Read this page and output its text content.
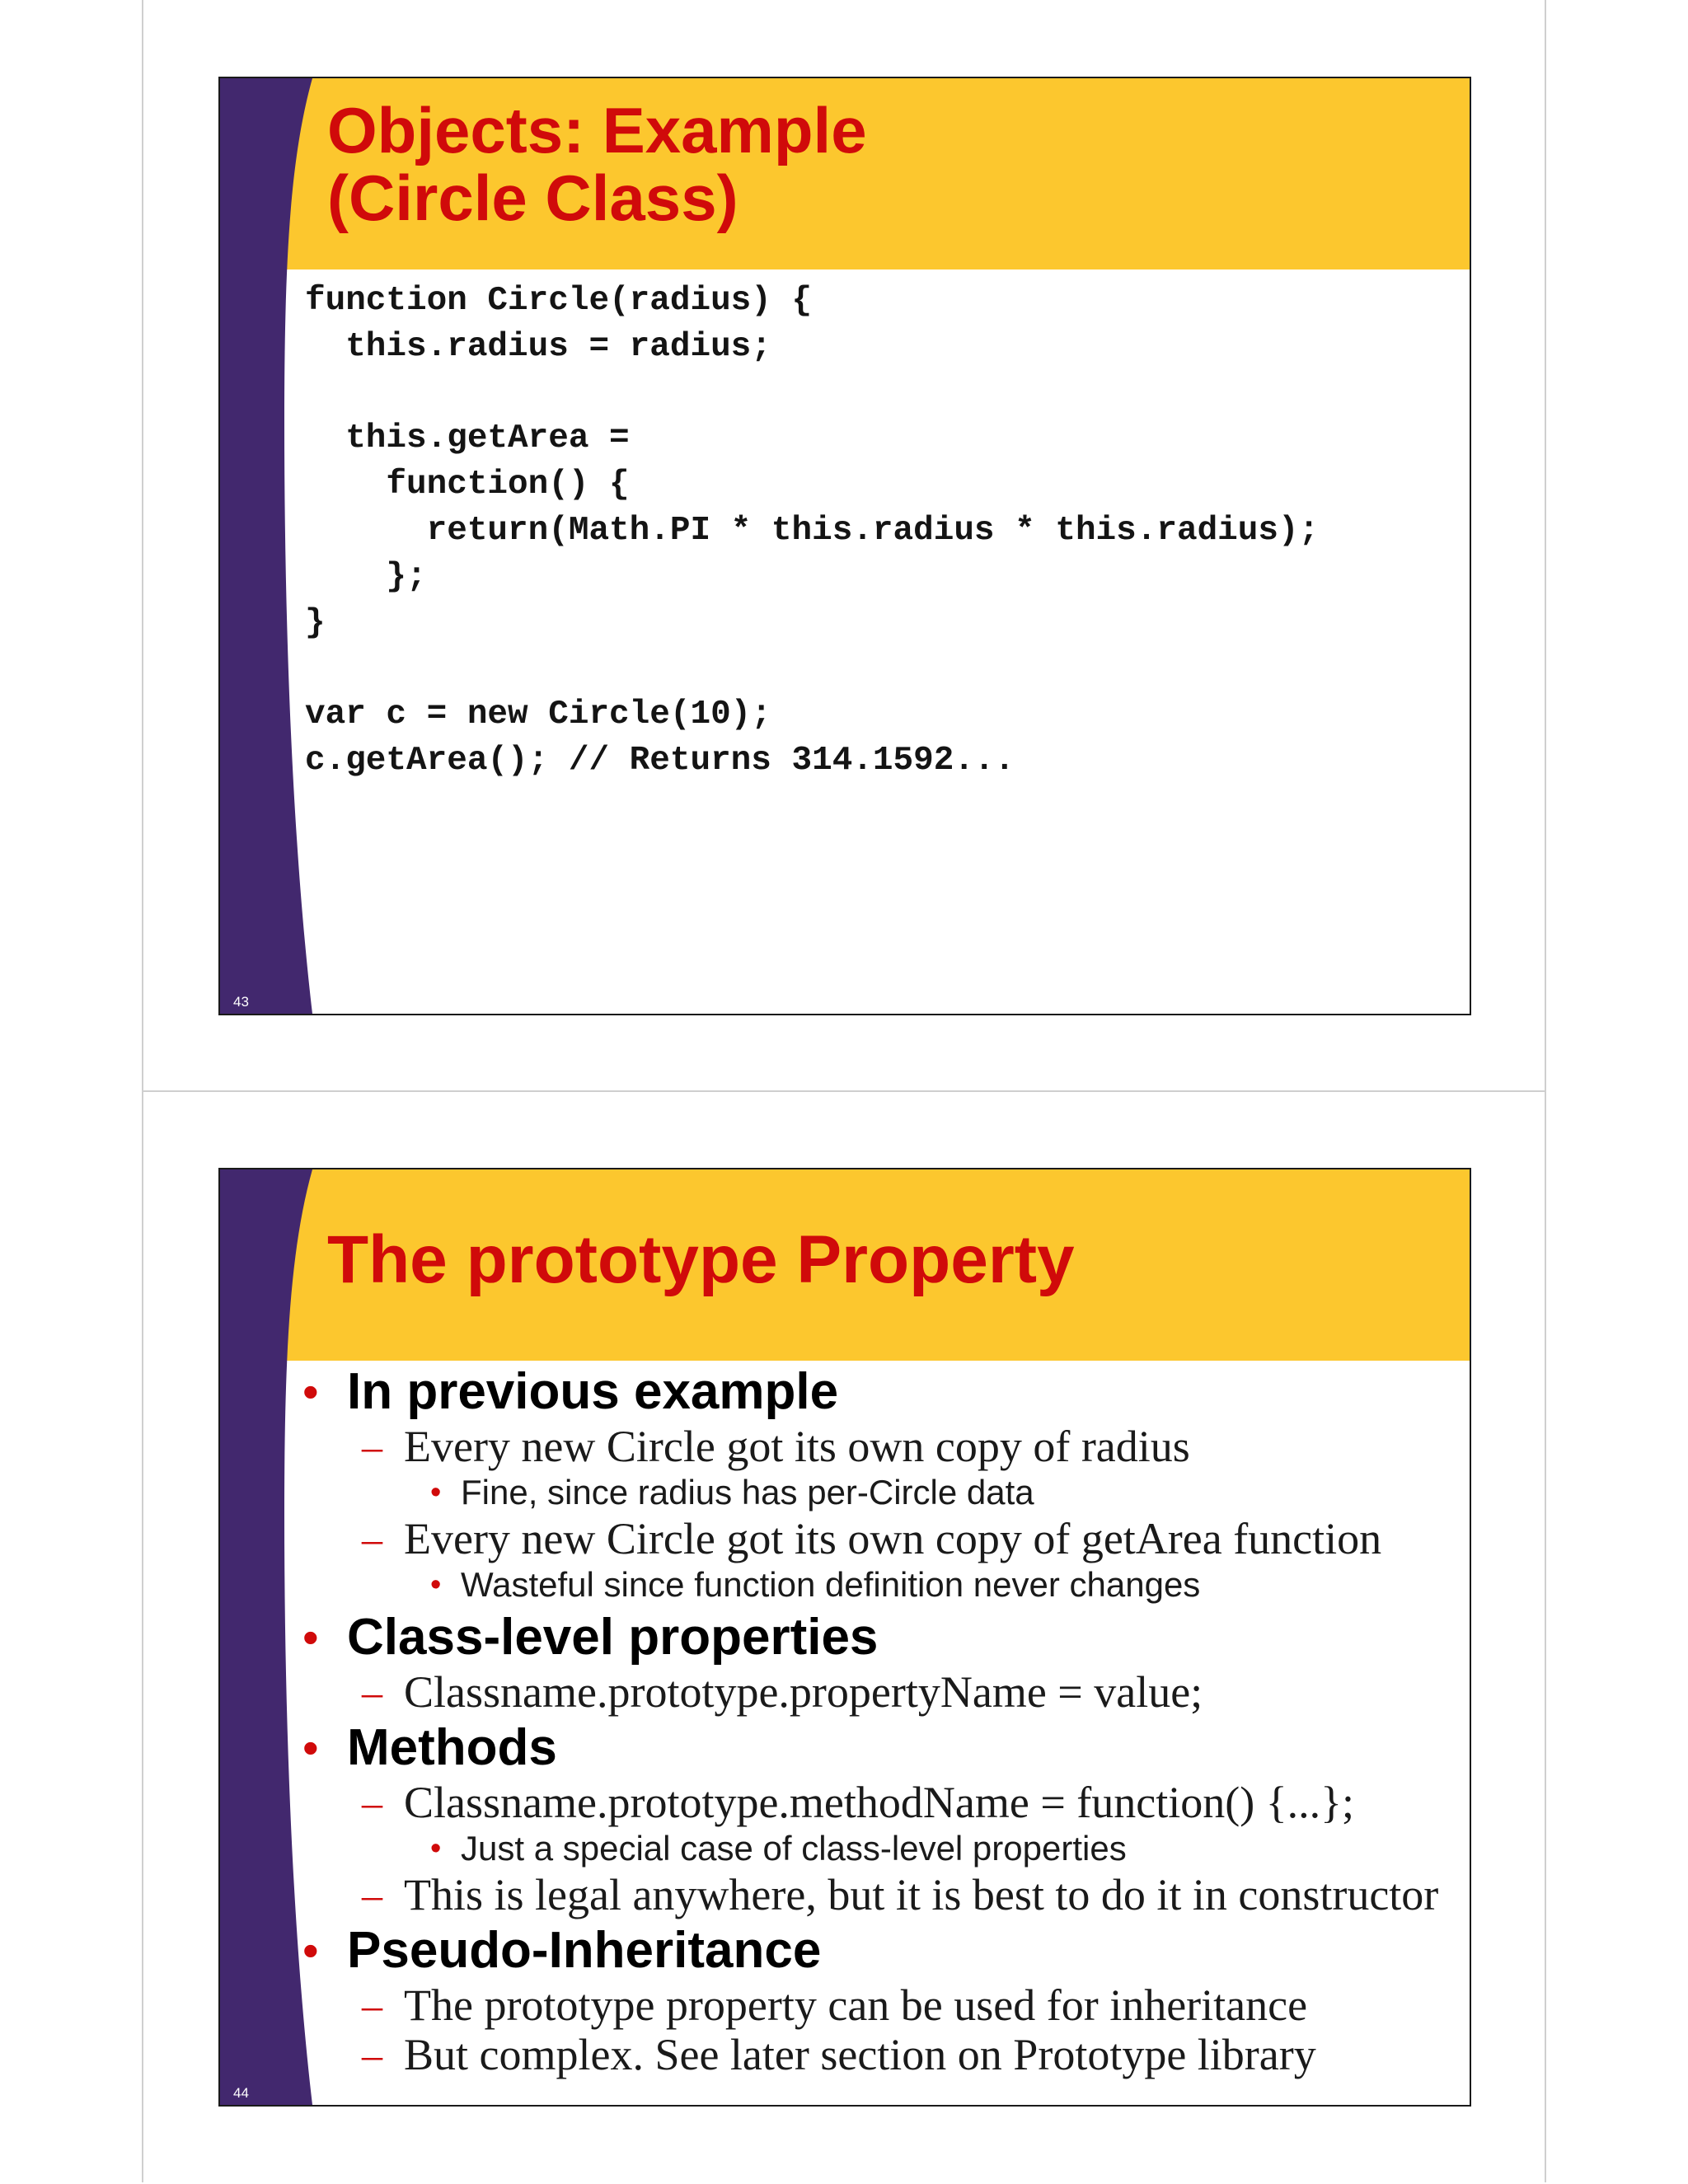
Objects: Example
(Circle Class)
function Circle(radius) {
this.radius = radius;

this.getArea =
function() {
return(Math.PI * this.radius * this.radius);
};
}

var c = new Circle(10);
c.getArea(); // Returns 314.1592...
43
The prototype Property
• In previous example
– Every new Circle got its own copy of radius
• Fine, since radius has per-Circle data
– Every new Circle got its own copy of getArea function
• Wasteful since function definition never changes
• Class-level properties
– Classname.prototype.propertyName = value;
• Methods
– Classname.prototype.methodName = function() {...};
• Just a special case of class-level properties
– This is legal anywhere, but it is best to do it in constructor
• Pseudo-Inheritance
– The prototype property can be used for inheritance
– But complex. See later section on Prototype library
44
